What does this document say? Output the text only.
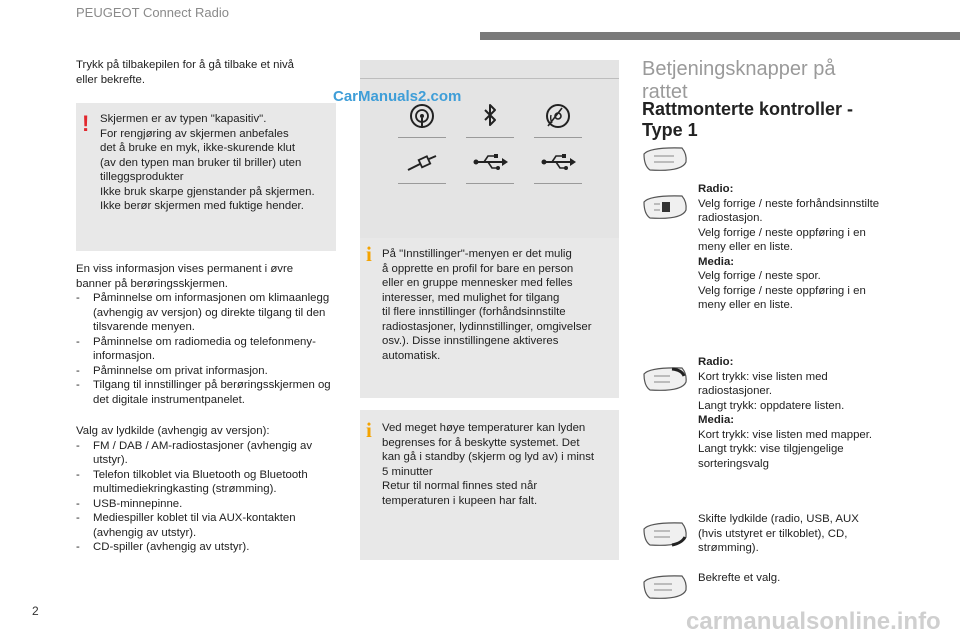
PEUGEOT Connect Radio
Trykk på tilbakepilen for å gå tilbake et nivå
eller bekrefte.
! Skjermen er av typen "kapasitiv".
For rengjøring av skjermen anbefales
det å bruke en myk, ikke-skurende klut
(av den typen man bruker til briller) uten
tilleggsprodukter
Ikke bruk skarpe gjenstander på skjermen.
Ikke berør skjermen med fuktige hender.
En viss informasjon vises permanent i øvre
banner på berøringsskjermen.
- Påminnelse om informasjonen om klimaanlegg (avhengig av versjon) og direkte tilgang til den tilsvarende menyen.
- Påminnelse om radiomedia og telefonmeny-informasjon.
- Påminnelse om privat informasjon.
- Tilgang til innstillinger på berøringsskjermen og det digitale instrumentpanelet.
Valg av lydkilde (avhengig av versjon):
- FM / DAB / AM-radiostasjoner (avhengig av utstyr).
- Telefon tilkoblet via Bluetooth og Bluetooth multimediekringkasting (strømming).
- USB-minnepinne.
- Mediespiller koblet til via AUX-kontakten (avhengig av utstyr).
- CD-spiller (avhengig av utstyr).
i På "Innstillinger"-menyen er det mulig
å opprette en profil for bare en person
eller en gruppe mennesker med felles
interesser, med mulighet for tilgang
til flere innstillinger (forhåndsinnstilte
radiostasjoner, lydinnstillinger, omgivelser
osv.). Disse innstillingene aktiveres
automatisk.
i Ved meget høye temperaturer kan lyden
begrenses for å beskytte systemet. Det
kan gå i standby (skjerm og lyd av) i minst
5 minutter
Retur til normal finnes sted når
temperaturen i kupeen har falt.
Betjeningsknapper på
rattet
Rattmonterte kontroller -
Type 1
Radio:
Velg forrige / neste forhåndsinnstilte
radiostasjon.
Velg forrige / neste oppføring i en
meny eller en liste.
Media:
Velg forrige / neste spor.
Velg forrige / neste oppføring i en
meny eller en liste.
Radio:
Kort trykk: vise listen med
radiostasjoner.
Langt trykk: oppdatere listen.
Media:
Kort trykk: vise listen med mapper.
Langt trykk: vise tilgjengelige
sorteringsvalg
Skifte lydkilde (radio, USB, AUX
(hvis utstyret er tilkoblet), CD,
strømming).
Bekrefte et valg.
2
CarManuals2.com
carmanualsonline.info
